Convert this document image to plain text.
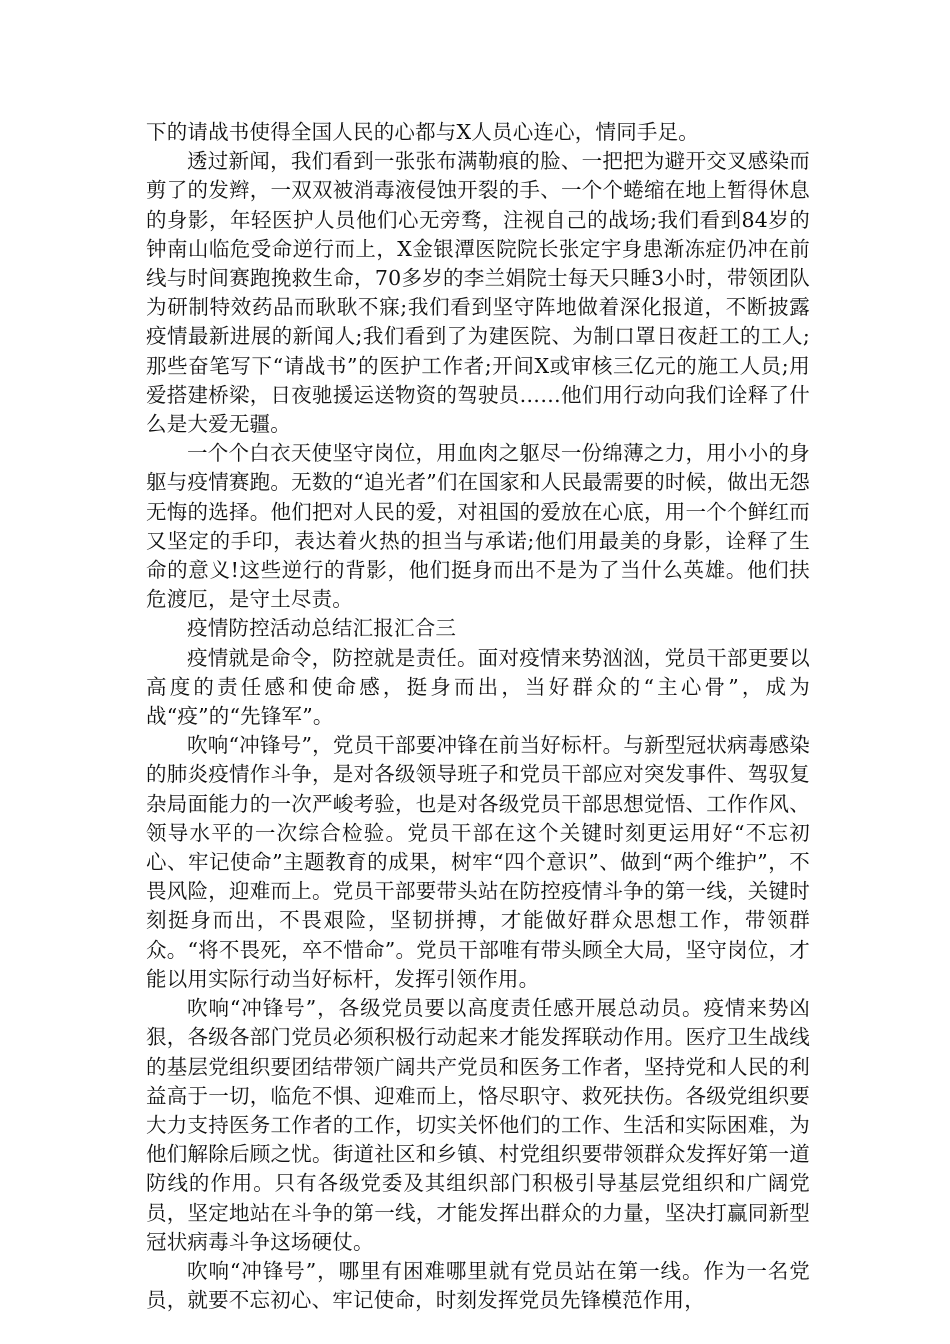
下的请战书使得全国人民的心都与X人员心连心，情同手足。

透过新闻，我们看到一张张布满勒痕的脸、一把把为避开交叉感染而剪了的发辫，一双双被消毒液侵蚀开裂的手、一个个蜷缩在地上暂得休息的身影，年轻医护人员他们心无旁骛，注视自己的战场;我们看到84岁的钟南山临危受命逆行而上，X金银潭医院院长张定宇身患渐冻症仍冲在前线与时间赛跑挽救生命，70多岁的李兰娟院士每天只睡3小时，带领团队为研制特效药品而耿耿不寐;我们看到坚守阵地做着深化报道，不断披露疫情最新进展的新闻人;我们看到了为建医院、为制口罩日夜赶工的工人;那些奋笔写下“请战书”的医护工作者;开间X或审核三亿元的施工人员;用爱搭建桥梁，日夜驰援运送物资的驾驶员……他们用行动向我们诠释了什么是大爱无疆。

一个个白衣天使坚守岗位，用血肉之躯尽一份绵薄之力，用小小的身躯与疫情赛跑。无数的“追光者”们在国家和人民最需要的时候，做出无怨无悔的选择。他们把对人民的爱，对祖国的爱放在心底，用一个个鲜红而又坚定的手印，表达着火热的担当与承诺;他们用最美的身影，诠释了生命的意义!这些逆行的背影，他们挺身而出不是为了当什么英雄。他们扶危渡厄，是守土尽责。

疫情防控活动总结汇报汇合三

疫情就是命令，防控就是责任。面对疫情来势汹汹，党员干部更要以高度的责任感和使命感，挺身而出，当好群众的“主心骨”，成为战“疫”的“先锋军”。

吹响“冲锋号”，党员干部要冲锋在前当好标杆。与新型冠状病毒感染的肺炎疫情作斗争，是对各级领导班子和党员干部应对突发事件、驾驭复杂局面能力的一次严峻考验，也是对各级党员干部思想觉悟、工作作风、领导水平的一次综合检验。党员干部在这个关键时刻更运用好“不忘初心、牢记使命”主题教育的成果，树牢“四个意识”、做到“两个维护”，不畏风险，迎难而上。党员干部要带头站在防控疫情斗争的第一线，关键时刻挺身而出，不畏艰险，坚韧拼搏，才能做好群众思想工作，带领群众。“将不畏死，卒不惜命”。党员干部唯有带头顾全大局，坚守岗位，才能以用实际行动当好标杆，发挥引领作用。

吹响“冲锋号”，各级党员要以高度责任感开展总动员。疫情来势凶狠，各级各部门党员必须积极行动起来才能发挥联动作用。医疗卫生战线的基层党组织要团结带领广阔共产党员和医务工作者，坚持党和人民的利益高于一切，临危不惧、迎难而上，恪尽职守、救死扶伤。各级党组织要大力支持医务工作者的工作，切实关怀他们的工作、生活和实际困难，为他们解除后顾之忧。街道社区和乡镇、村党组织要带领群众发挥好第一道防线的作用。只有各级党委及其组织部门积极引导基层党组织和广阔党员，坚定地站在斗争的第一线，才能发挥出群众的力量，坚决打赢同新型冠状病毒斗争这场硬仗。

吹响“冲锋号”，哪里有困难哪里就有党员站在第一线。作为一名党员，就要不忘初心、牢记使命，时刻发挥党员先锋模范作用，
